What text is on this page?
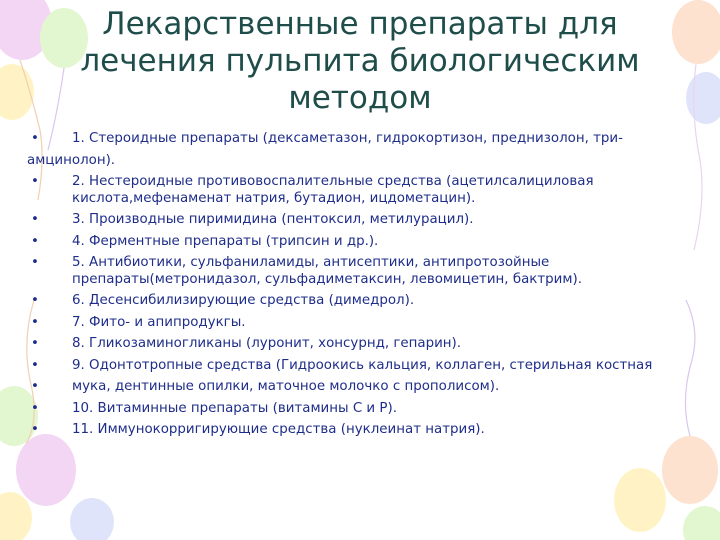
Лекарственные препараты для лечения пульпита биологическим методом
• 1. Стероидные препараты (дексаметазон, гидрокортизон, преднизолон, три-
амцинолон).
• 2. Нестероидные противовоспалительные средства (ацетилсалициловая кислота,мефенаменат натрия, бутадион, ицдометацин).
• 3. Производные пиримидина (пентоксил, метилурацил).
• 4. Ферментные препараты (трипсин и др.).
• 5. Антибиотики, сульфаниламиды, антисептики, антипротозойные препараты(метронидазол, сульфадиметаксин, левомицетин, бактрим).
• 6. Десенсибилизирующие средства (димедрол).
• 7. Фито- и апипродукгы.
• 8. Гликозаминогликаны (луронит, хонсурнд, гепарин).
• 9. Одонтотропные средства (Гидроокись кальция, коллаген, стерильная костная
• мука, дентинные опилки, маточное молочко с прополисом).
• 10. Витаминные препараты (витамины С и Р).
• 11. Иммунокорригирующие средства (нуклеинат натрия).
